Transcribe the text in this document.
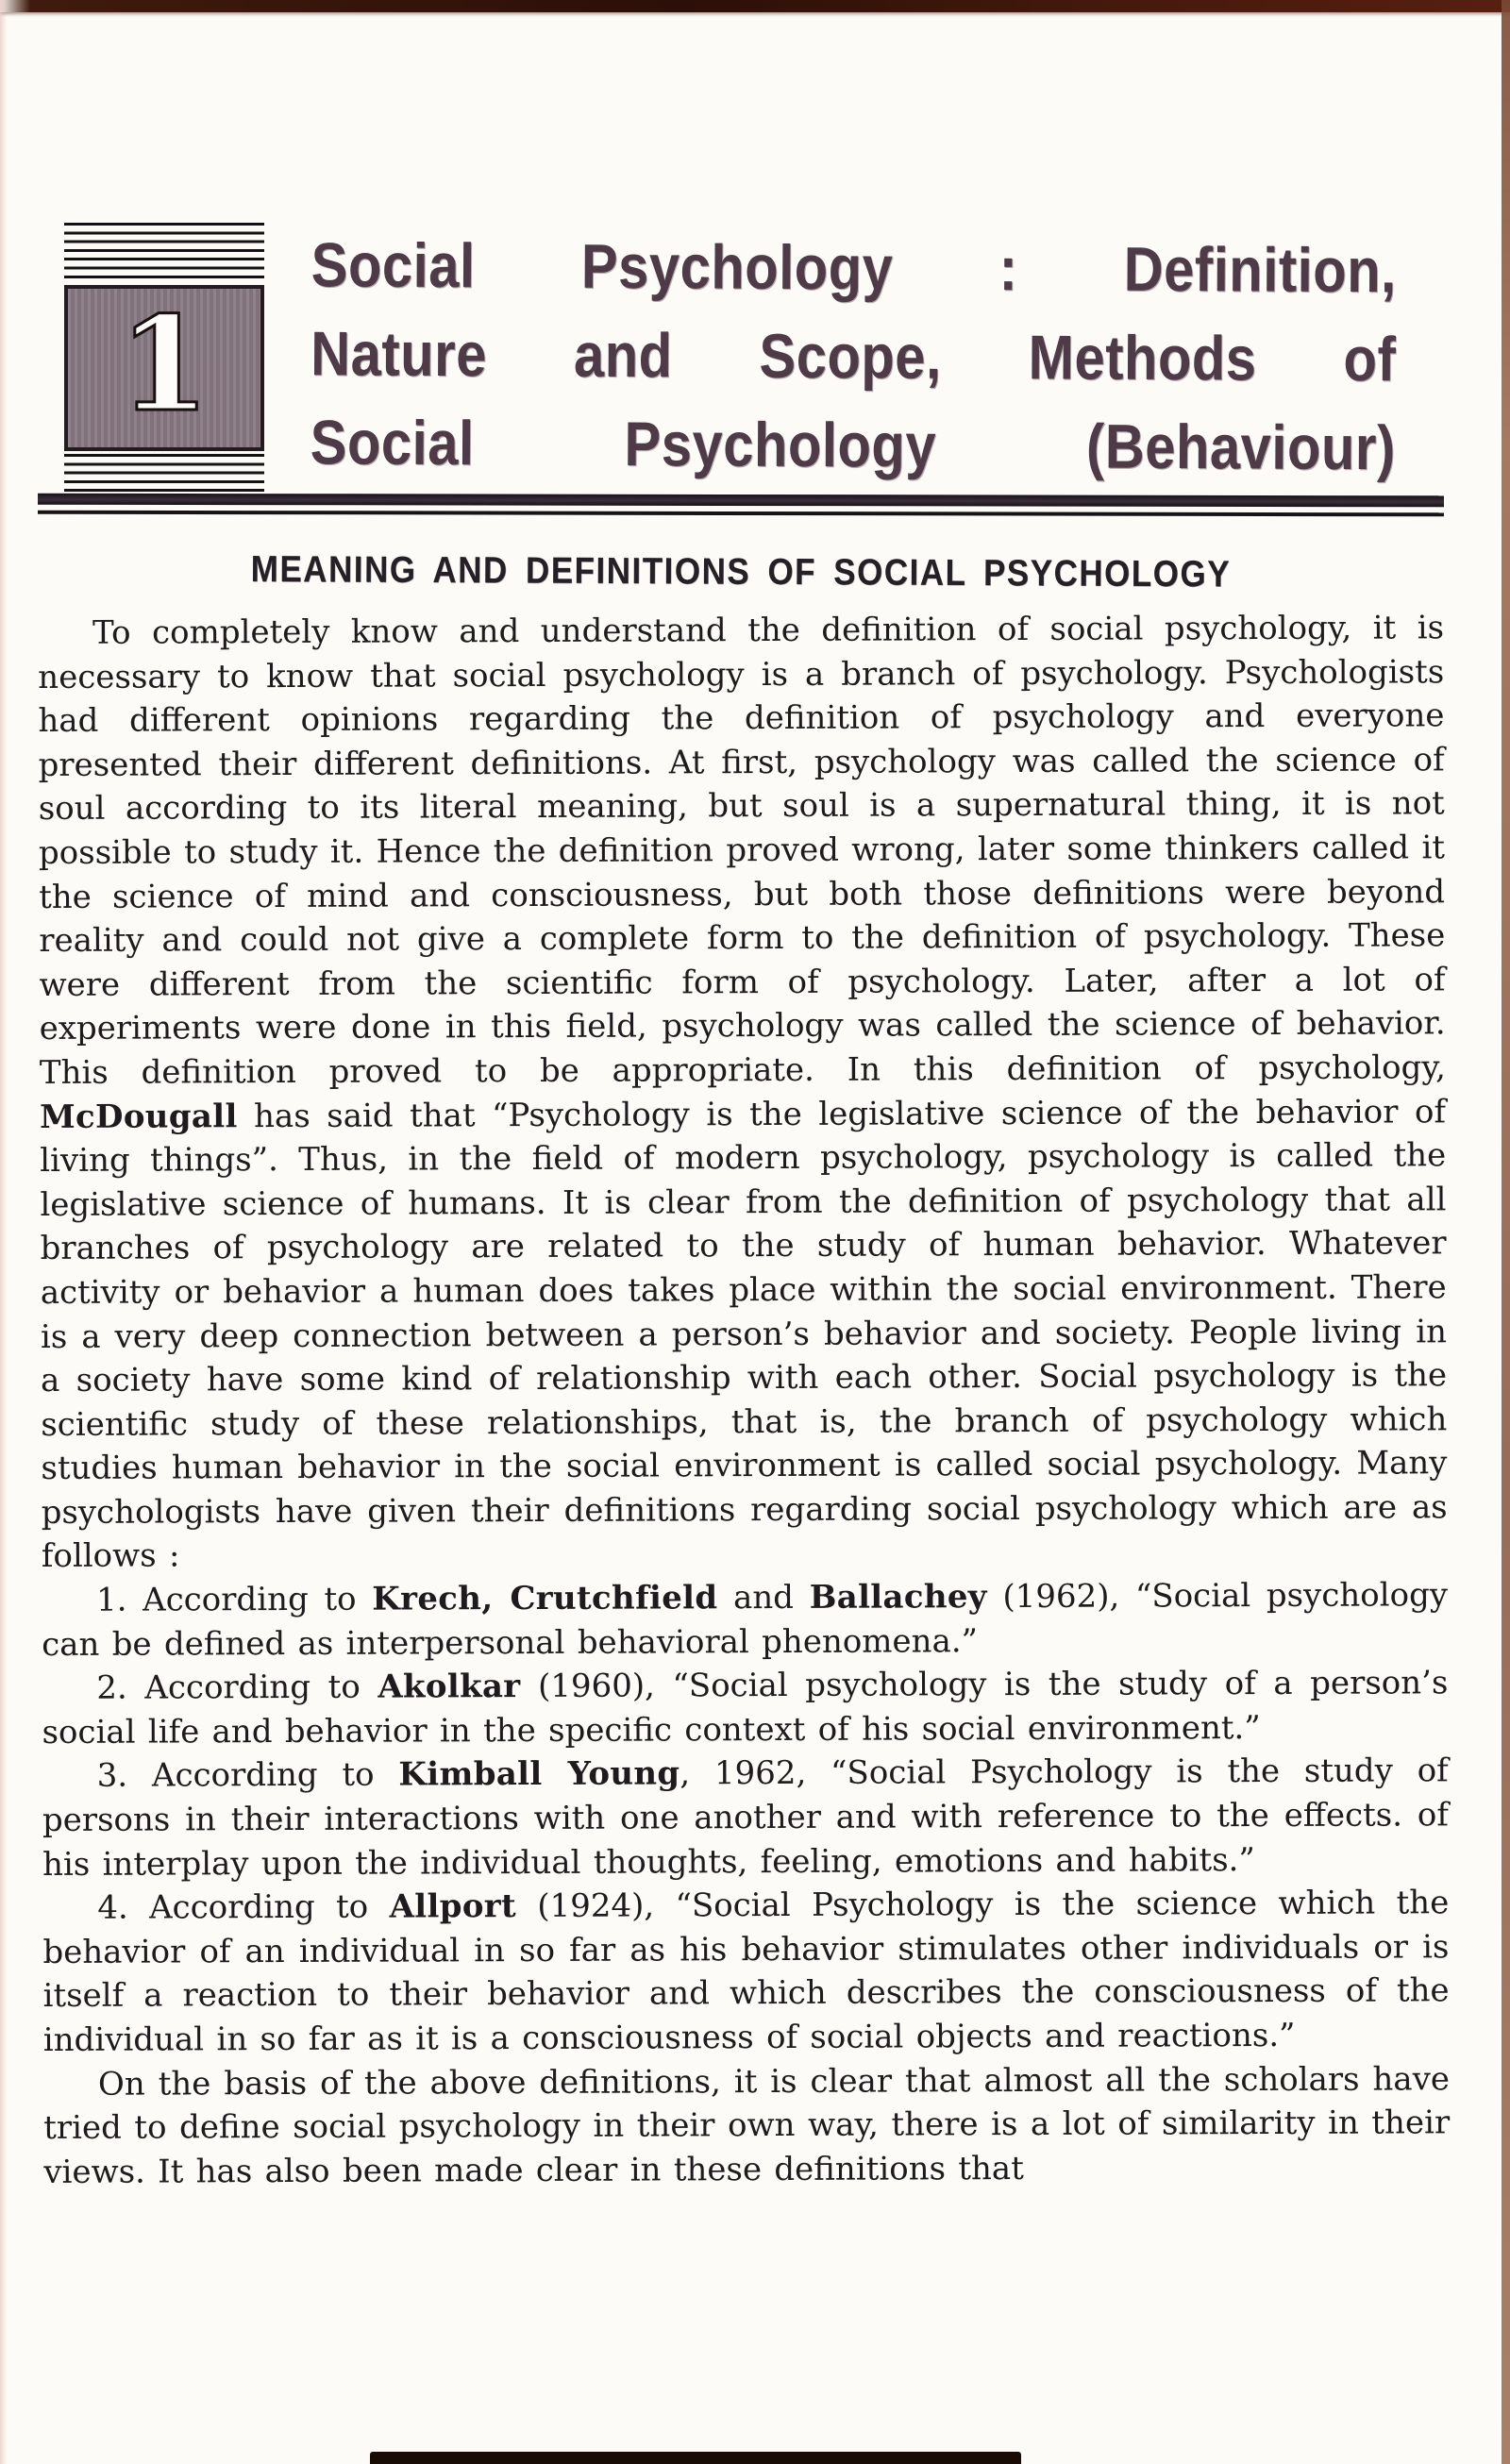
1
Social Psychology : Definition,
Nature and Scope, Methods of
Social Psychology (Behaviour)
MEANING AND DEFINITIONS OF SOCIAL PSYCHOLOGY

To completely know and understand the definition of social psychology, it is necessary to know that social psychology is a branch of psychology. Psychologists had different opinions regarding the definition of psychology and everyone presented their different definitions. At first, psychology was called the science of soul according to its literal meaning, but soul is a supernatural thing, it is not possible to study it. Hence the definition proved wrong, later some thinkers called it the science of mind and consciousness, but both those definitions were beyond reality and could not give a complete form to the definition of psychology. These were different from the scientific form of psychology. Later, after a lot of experiments were done in this field, psychology was called the science of behavior. This definition proved to be appropriate. In this definition of psychology, McDougall has said that “Psychology is the legislative science of the behavior of living things”. Thus, in the field of modern psychology, psychology is called the legislative science of humans. It is clear from the definition of psychology that all branches of psychology are related to the study of human behavior. Whatever activity or behavior a human does takes place within the social environment. There is a very deep connection between a person’s behavior and society. People living in a society have some kind of relationship with each other. Social psychology is the scientific study of these relationships, that is, the branch of psychology which studies human behavior in the social environment is called social psychology. Many psychologists have given their definitions regarding social psychology which are as follows :

1. According to Krech, Crutchfield and Ballachey (1962), “Social psychology can be defined as interpersonal behavioral phenomena.”

2. According to Akolkar (1960), “Social psychology is the study of a person’s social life and behavior in the specific context of his social environment.”

3. According to Kimball Young, 1962, “Social Psychology is the study of persons in their interactions with one another and with reference to the effects. of his interplay upon the individual thoughts, feeling, emotions and habits.”

4. According to Allport (1924), “Social Psychology is the science which the behavior of an individual in so far as his behavior stimulates other individuals or is itself a reaction to their behavior and which describes the consciousness of the individual in so far as it is a consciousness of social objects and reactions.”

On the basis of the above definitions, it is clear that almost all the scholars have tried to define social psychology in their own way, there is a lot of similarity in their views. It has also been made clear in these definitions that
